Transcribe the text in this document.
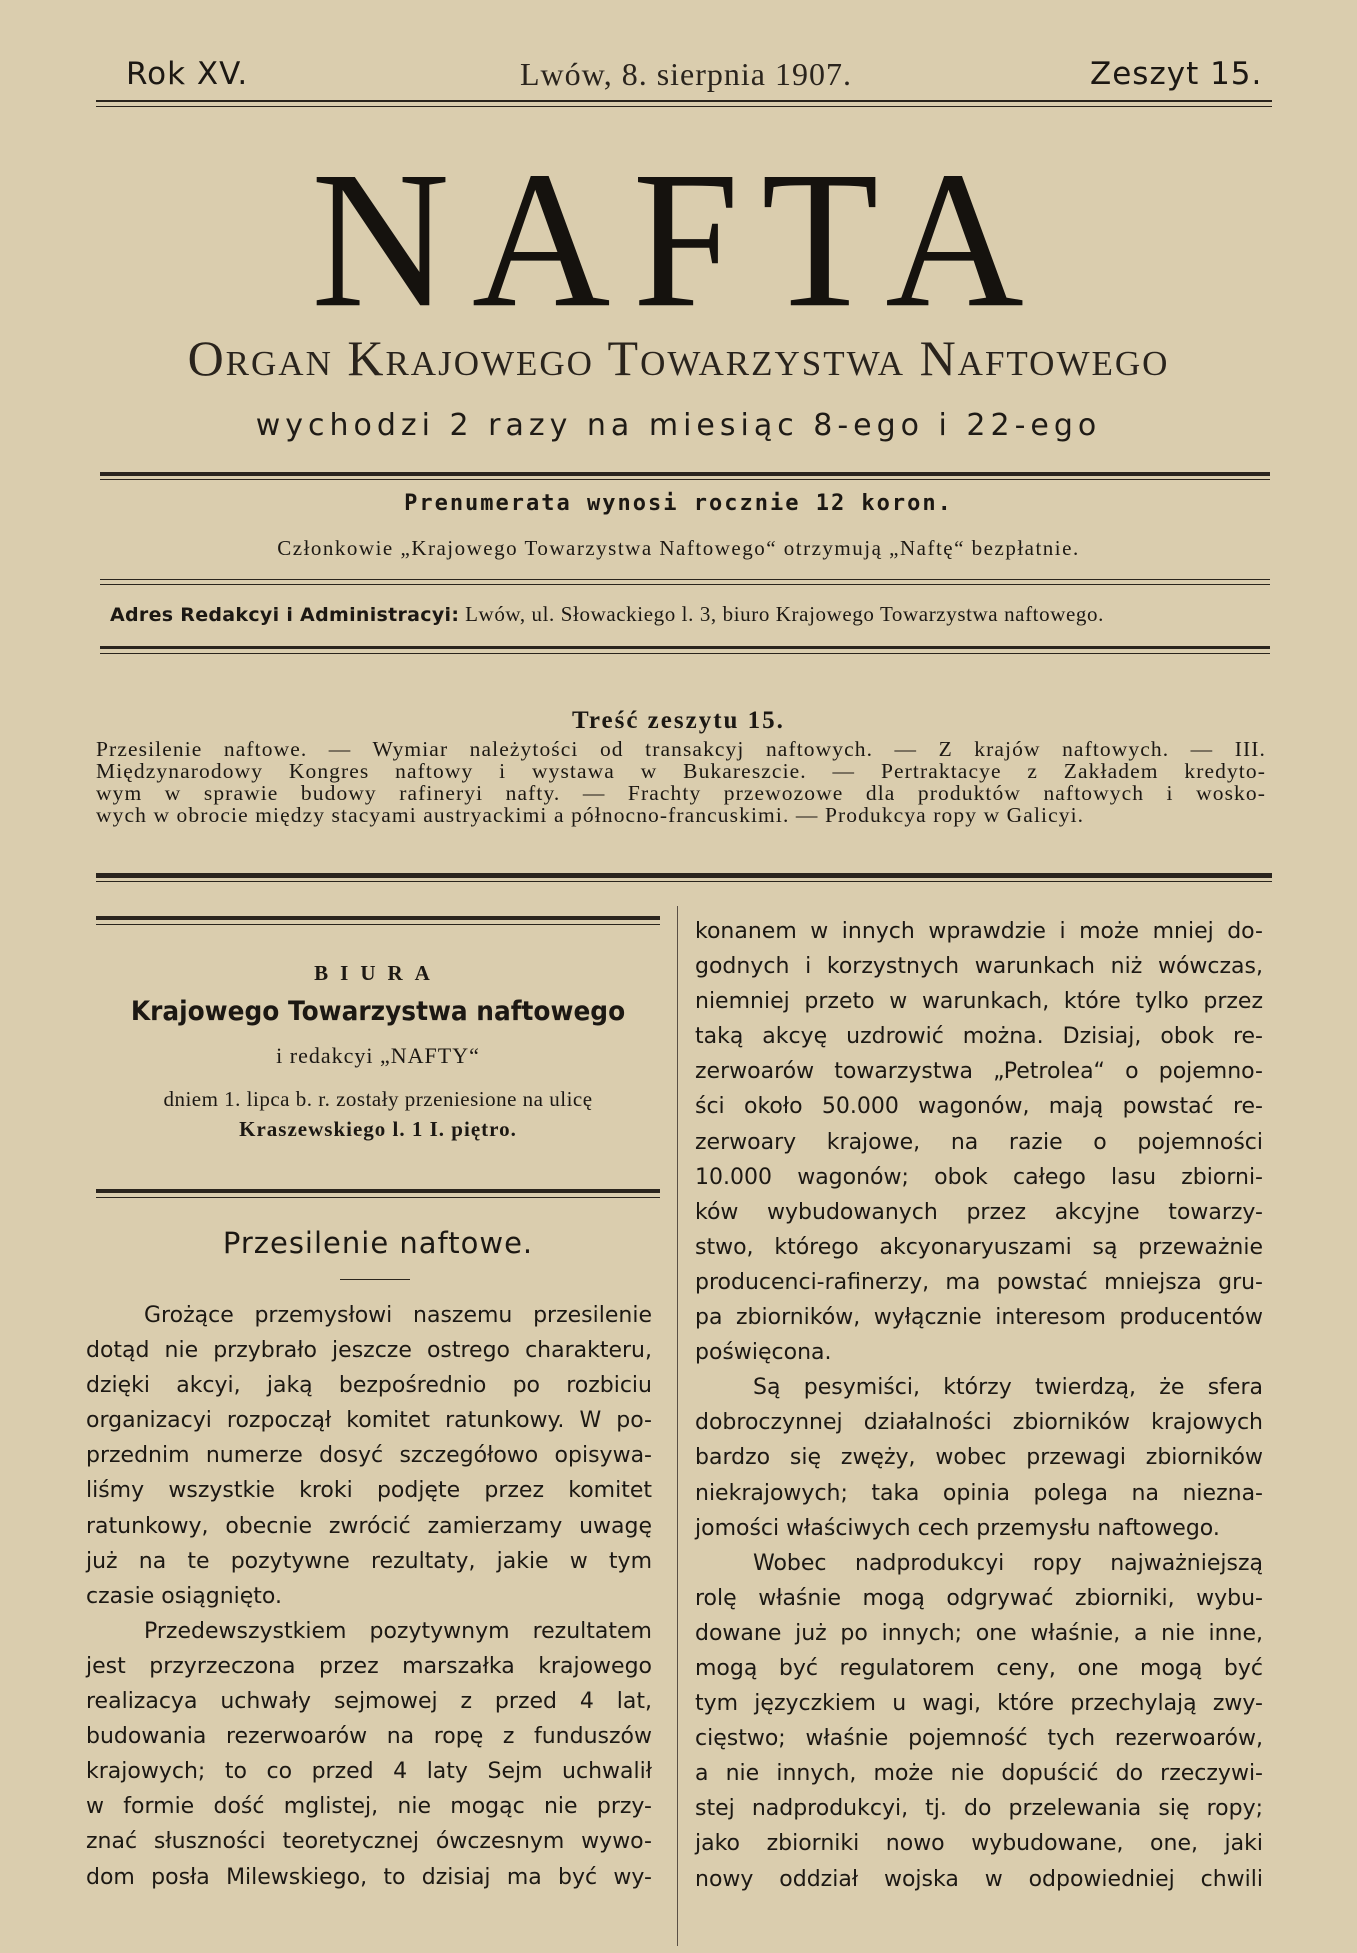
Rok XV.	Lwów, 8. sierpnia 1907.	Zeszyt 15.
NAFTA
Organ Krajowego Towarzystwa Naftowego
wychodzi 2 razy na miesiąc 8-ego i 22-ego
Prenumerata wynosi rocznie 12 koron.
Członkowie „Krajowego Towarzystwa Naftowego“ otrzymują „Naftę“ bezpłatnie.
Adres Redakcyi i Administracyi: Lwów, ul. Słowackiego l. 3, biuro Krajowego Towarzystwa naftowego.
Treść zeszytu 15.
Przesilenie naftowe. — Wymiar należytości od transakcyj naftowych. — Z krajów naftowych. — III.
Międzynarodowy Kongres naftowy i wystawa w Bukareszcie. — Pertraktacye z Zakładem kredyto-
wym w sprawie budowy rafineryi nafty. — Frachty przewozowe dla produktów naftowych i wosko-
wych w obrocie między stacyami austryackimi a północno-francuskimi. — Produkcya ropy w Galicyi.
BIURA
Krajowego Towarzystwa naftowego
i redakcyi „NAFTY“
dniem 1. lipca b. r. zostały przeniesione na ulicę
Kraszewskiego l. 1 I. piętro.
Przesilenie naftowe.
Grożące przemysłowi naszemu przesilenie
dotąd nie przybrało jeszcze ostrego charakteru,
dzięki akcyi, jaką bezpośrednio po rozbiciu
organizacyi rozpoczął komitet ratunkowy. W po-
przednim numerze dosyć szczegółowo opisywa-
liśmy wszystkie kroki podjęte przez komitet
ratunkowy, obecnie zwrócić zamierzamy uwagę
już na te pozytywne rezultaty, jakie w tym
czasie osiągnięto.
Przedewszystkiem pozytywnym rezultatem
jest przyrzeczona przez marszałka krajowego
realizacya uchwały sejmowej z przed 4 lat,
budowania rezerwoarów na ropę z funduszów
krajowych; to co przed 4 laty Sejm uchwalił
w formie dość mglistej, nie mogąc nie przy-
znać słuszności teoretycznej ówczesnym wywo-
dom posła Milewskiego, to dzisiaj ma być wy-
konanem w innych wprawdzie i może mniej do-
godnych i korzystnych warunkach niż wówczas,
niemniej przeto w warunkach, które tylko przez
taką akcyę uzdrowić można. Dzisiaj, obok re-
zerwoarów towarzystwa „Petrolea“ o pojemno-
ści około 50.000 wagonów, mają powstać re-
zerwoary krajowe, na razie o pojemności
10.000 wagonów; obok całego lasu zbiorni-
ków wybudowanych przez akcyjne towarzy-
stwo, którego akcyonaryuszami są przeważnie
producenci-rafinerzy, ma powstać mniejsza gru-
pa zbiorników, wyłącznie interesom producentów
poświęcona.
Są pesymiści, którzy twierdzą, że sfera
dobroczynnej działalności zbiorników krajowych
bardzo się zwęży, wobec przewagi zbiorników
niekrajowych; taka opinia polega na niezna-
jomości właściwych cech przemysłu naftowego.
Wobec nadprodukcyi ropy najważniejszą
rolę właśnie mogą odgrywać zbiorniki, wybu-
dowane już po innych; one właśnie, a nie inne,
mogą być regulatorem ceny, one mogą być
tym języczkiem u wagi, które przechylają zwy-
cięstwo; właśnie pojemność tych rezerwoarów,
a nie innych, może nie dopuścić do rzeczywi-
stej nadprodukcyi, tj. do przelewania się ropy;
jako zbiorniki nowo wybudowane, one, jaki
nowy oddział wojska w odpowiedniej chwili
